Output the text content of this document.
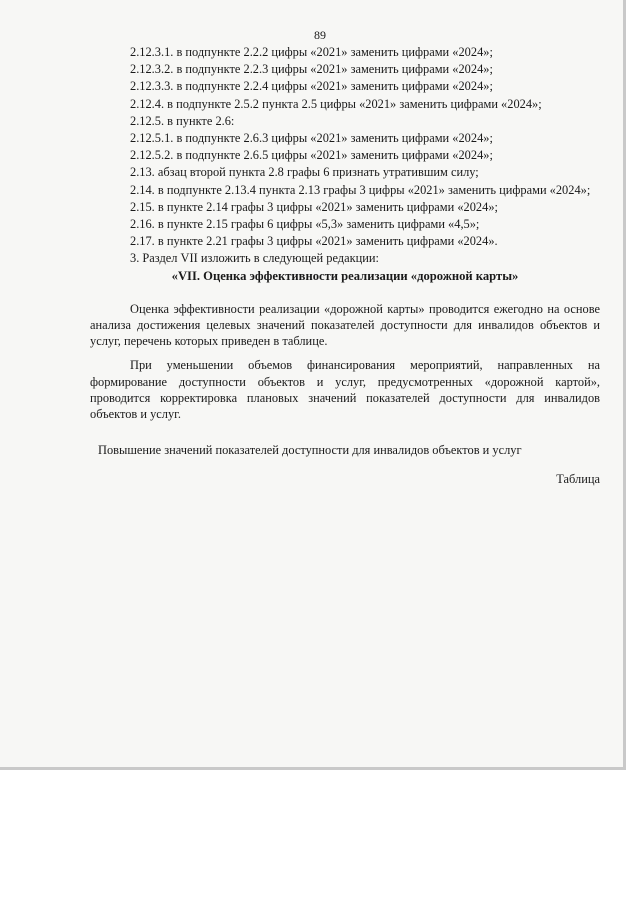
89

2.12.3.1. в подпункте 2.2.2 цифры «2021» заменить цифрами «2024»;

2.12.3.2. в подпункте 2.2.3 цифры «2021» заменить цифрами «2024»;

2.12.3.3. в подпункте 2.2.4 цифры «2021» заменить цифрами «2024»;

2.12.4. в подпункте 2.5.2 пункта 2.5 цифры «2021» заменить цифрами «2024»;

2.12.5. в пункте 2.6:

2.12.5.1. в подпункте 2.6.3 цифры «2021» заменить цифрами «2024»;

2.12.5.2. в подпункте 2.6.5 цифры «2021» заменить цифрами «2024»;

2.13. абзац второй пункта 2.8 графы 6 признать утратившим силу;

2.14. в подпункте 2.13.4 пункта 2.13 графы 3 цифры «2021» заменить цифрами «2024»;

2.15. в пункте 2.14 графы 3 цифры «2021» заменить цифрами «2024»;

2.16. в пункте 2.15 графы 6 цифры «5,3» заменить цифрами «4,5»;

2.17. в пункте 2.21 графы 3 цифры «2021» заменить цифрами «2024».

3. Раздел VII изложить в следующей редакции:

«VII. Оценка эффективности реализации «дорожной карты»

Оценка эффективности реализации «дорожной карты» проводится ежегодно на основе анализа достижения целевых значений показателей доступности для инвалидов объектов и услуг, перечень которых приведен в таблице.

При уменьшении объемов финансирования мероприятий, направленных на формирование доступности объектов и услуг, предусмотренных «дорожной картой», проводится корректировка плановых значений показателей доступности для инвалидов объектов и услуг.

Повышение значений показателей доступности для инвалидов объектов и услуг

Таблица
